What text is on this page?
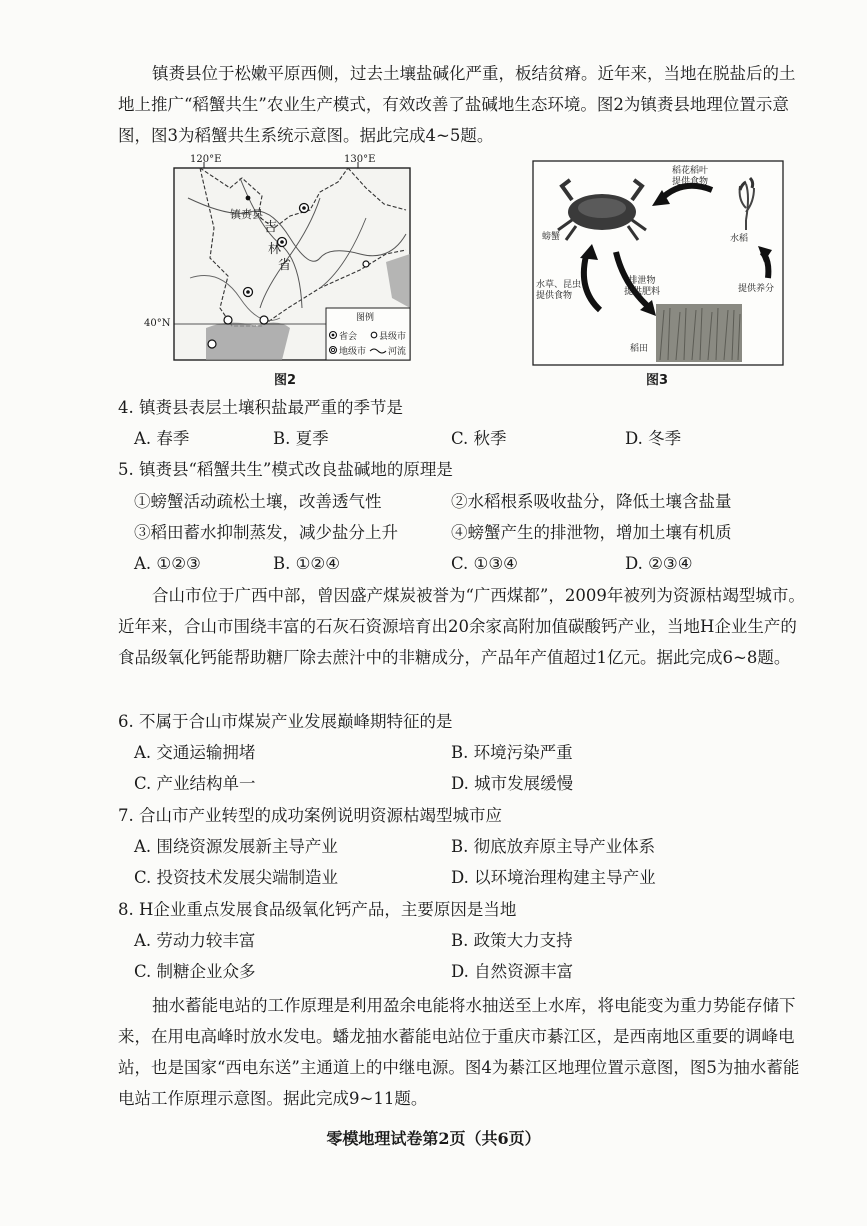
镇赉县位于松嫩平原西侧，过去土壤盐碱化严重，板结贫瘠。近年来，当地在脱盐后的土地上推广“稻蟹共生”农业生产模式，有效改善了盐碱地生态环境。图2为镇赉县地理位置示意图，图3为稻蟹共生系统示意图。据此完成4~5题。

120°E	130°E
40°N
镇赉县
吉
林
省
图例
省会 县级市
地级市 河流
图2
螃蟹
稻花稻叶
提供食物
水稻
水草、昆虫
提供食物
排泄物
提供肥料	提供养分
稻田
图3
4. 镇赉县表层土壤积盐最严重的季节是
A. 春季	B. 夏季	C. 秋季	D. 冬季
5. 镇赉县“稻蟹共生”模式改良盐碱地的原理是
①螃蟹活动疏松土壤，改善透气性	②水稻根系吸收盐分，降低土壤含盐量
③稻田蓄水抑制蒸发，减少盐分上升	④螃蟹产生的排泄物，增加土壤有机质
A. ①②③	B. ①②④	C. ①③④	D. ②③④

合山市位于广西中部，曾因盛产煤炭被誉为“广西煤都”，2009年被列为资源枯竭型城市。近年来，合山市围绕丰富的石灰石资源培育出20余家高附加值碳酸钙产业，当地H企业生产的食品级氧化钙能帮助糖厂除去蔗汁中的非糖成分，产品年产值超过1亿元。据此完成6~8题。

6. 不属于合山市煤炭产业发展巅峰期特征的是
A. 交通运输拥堵	B. 环境污染严重
C. 产业结构单一	D. 城市发展缓慢
7. 合山市产业转型的成功案例说明资源枯竭型城市应
A. 围绕资源发展新主导产业	B. 彻底放弃原主导产业体系
C. 投资技术发展尖端制造业	D. 以环境治理构建主导产业
8. H企业重点发展食品级氧化钙产品，主要原因是当地
A. 劳动力较丰富	B. 政策大力支持
C. 制糖企业众多	D. 自然资源丰富

抽水蓄能电站的工作原理是利用盈余电能将水抽送至上水库，将电能变为重力势能存储下来，在用电高峰时放水发电。蟠龙抽水蓄能电站位于重庆市綦江区，是西南地区重要的调峰电站，也是国家“西电东送”主通道上的中继电源。图4为綦江区地理位置示意图，图5为抽水蓄能电站工作原理示意图。据此完成9~11题。

零模地理试卷第2页（共6页）
